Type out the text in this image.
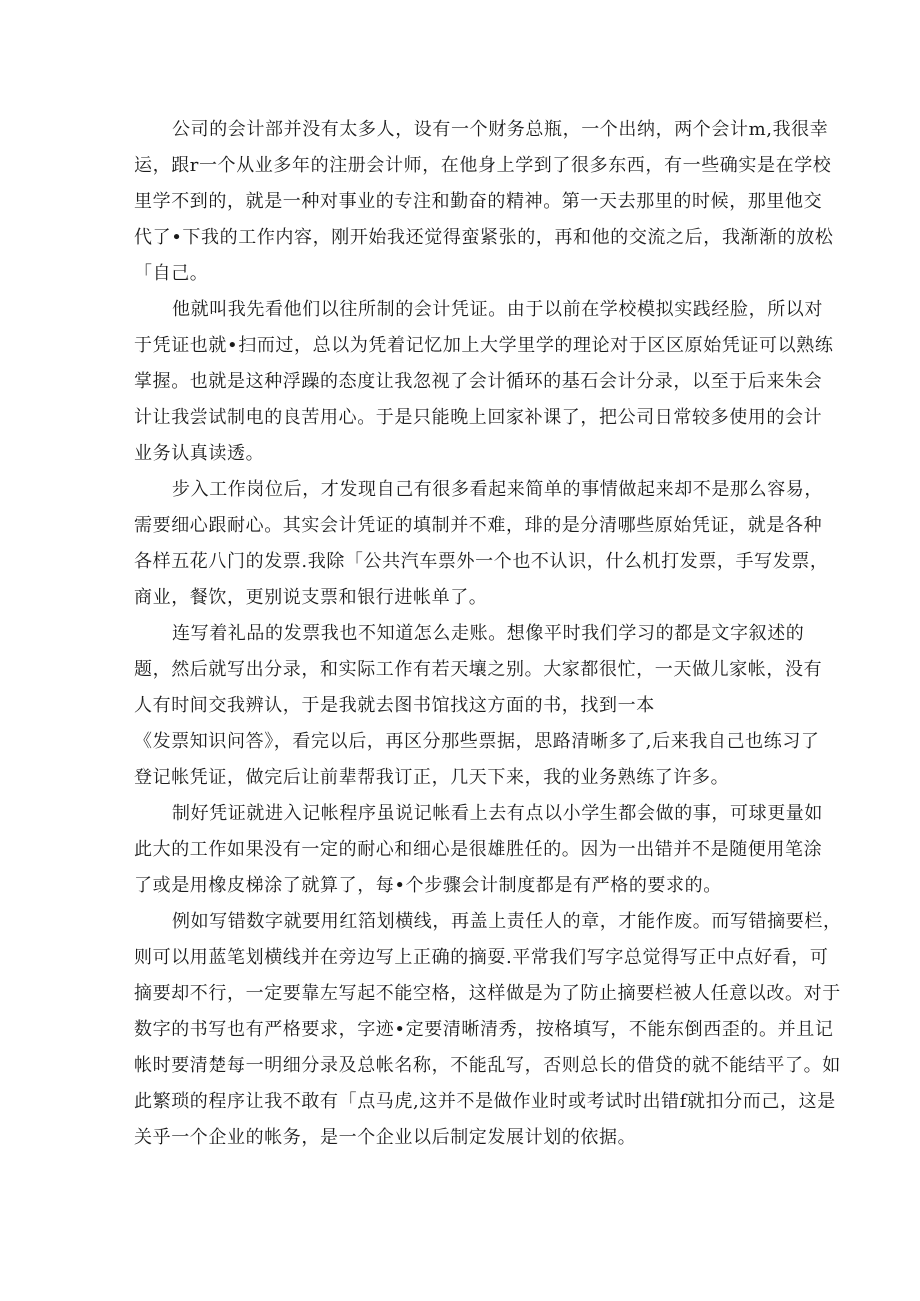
公司的会计部并没有太多人，设有一个财务总瓶，一个出纳，两个会计m,我很幸
运，跟r一个从业多年的注册会计师，在他身上学到了很多东西，有一些确实是在学校
里学不到的，就是一种对事业的专注和勤奋的精神。第一天去那里的时候，那里他交
代了•下我的工作内容，刚开始我还觉得蛮紧张的，再和他的交流之后，我渐渐的放松
「自己。
他就叫我先看他们以往所制的会计凭证。由于以前在学校模拟实践经脸，所以对
于凭证也就•扫而过，总以为凭着记忆加上大学里学的理论对于区区原始凭证可以熟练
掌握。也就是这种浮躁的态度让我忽视了会计循环的基石会计分录，以至于后来朱会
计让我尝试制电的良苦用心。于是只能晚上回家补课了，把公司日常较多使用的会计
业务认真读透。
步入工作岗位后，才发现自己有很多看起来简单的事情做起来却不是那么容易，
需要细心跟耐心。其实会计凭证的填制并不难，琲的是分清哪些原始凭证，就是各种
各样五花八门的发票.我除「公共汽车票外一个也不认识，什么机打发票，手写发票，
商业，餐饮，更别说支票和银行进帐单了。
连写着礼品的发票我也不知道怎么走账。想像平时我们学习的都是文字叙述的
题，然后就写出分录，和实际工作有若天壤之别。大家都很忙，一天做儿家帐，没有
人有时间交我辨认，于是我就去图书馆找这方面的书，找到一本
《发票知识问答》，看完以后，再区分那些票据，思路清晰多了,后来我自己也练习了
登记帐凭证，做完后让前辈帮我订正，几天下来，我的业务熟练了许多。
制好凭证就进入记帐程序虽说记帐看上去有点以小学生都会做的事，可球更量如
此大的工作如果没有一定的耐心和细心是很雄胜任的。因为一出错并不是随便用笔涂
了或是用橡皮梯涂了就算了，每•个步骤会计制度都是有严格的要求的。
例如写错数字就要用红箔划横线，再盖上责任人的章，才能作废。而写错摘要栏，
则可以用蓝笔划横线并在旁边写上正确的摘耍.平常我们写字总觉得写正中点好看，可
摘要却不行，一定要靠左写起不能空格，这样做是为了防止摘要栏被人任意以改。对于
数字的书写也有严格要求，字迹•定要清晰清秀，按格填写，不能东倒西歪的。并且记
帐时要清楚每一明细分录及总帐名称，不能乱写，否则总长的借贷的就不能结平了。如
此繁琐的程序让我不敢有「点马虎,这并不是做作业时或考试时出错f就扣分而己，这是
关乎一个企业的帐务，是一个企业以后制定发展计划的依据。
